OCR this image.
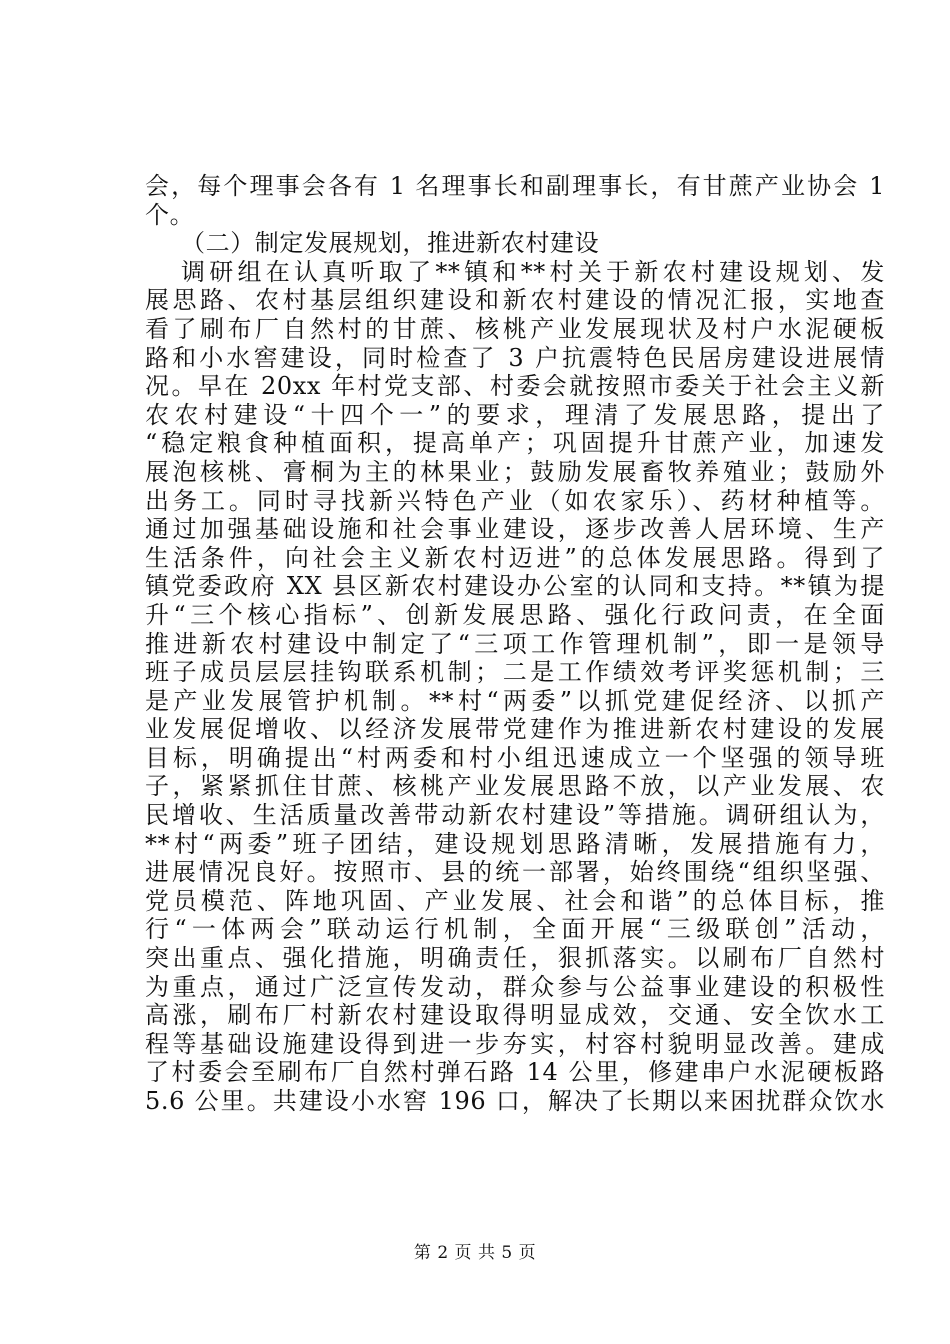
会，每个理事会各有 1 名理事长和副理事长，有甘蔗产业协会 1
个。
（二）制定发展规划，推进新农村建设
调研组在认真听取了**镇和**村关于新农村建设规划、发
展思路、农村基层组织建设和新农村建设的情况汇报，实地查
看了刷布厂自然村的甘蔗、核桃产业发展现状及村户水泥硬板
路和小水窖建设，同时检查了 3 户抗震特色民居房建设进展情
况。早在 20xx 年村党支部、村委会就按照市委关于社会主义新
农农村建设“十四个一”的要求，理清了发展思路，提出了
“稳定粮食种植面积，提高单产；巩固提升甘蔗产业，加速发
展泡核桃、膏桐为主的林果业；鼓励发展畜牧养殖业；鼓励外
出务工。同时寻找新兴特色产业（如农家乐）、药材种植等。
通过加强基础设施和社会事业建设，逐步改善人居环境、生产
生活条件，向社会主义新农村迈进”的总体发展思路。得到了
镇党委政府 XX 县区新农村建设办公室的认同和支持。**镇为提
升“三个核心指标”、创新发展思路、强化行政问责，在全面
推进新农村建设中制定了“三项工作管理机制”，即一是领导
班子成员层层挂钩联系机制；二是工作绩效考评奖惩机制；三
是产业发展管护机制。**村“两委”以抓党建促经济、以抓产
业发展促增收、以经济发展带党建作为推进新农村建设的发展
目标，明确提出“村两委和村小组迅速成立一个坚强的领导班
子，紧紧抓住甘蔗、核桃产业发展思路不放，以产业发展、农
民增收、生活质量改善带动新农村建设”等措施。调研组认为，
**村“两委”班子团结，建设规划思路清晰，发展措施有力，
进展情况良好。按照市、县的统一部署，始终围绕“组织坚强、
党员模范、阵地巩固、产业发展、社会和谐”的总体目标，推
行“一体两会”联动运行机制，全面开展“三级联创”活动，
突出重点、强化措施，明确责任，狠抓落实。以刷布厂自然村
为重点，通过广泛宣传发动，群众参与公益事业建设的积极性
高涨，刷布厂村新农村建设取得明显成效，交通、安全饮水工
程等基础设施建设得到进一步夯实，村容村貌明显改善。建成
了村委会至刷布厂自然村弹石路 14 公里，修建串户水泥硬板路
5.6 公里。共建设小水窖 196 口，解决了长期以来困扰群众饮水
第 2 页 共 5 页
